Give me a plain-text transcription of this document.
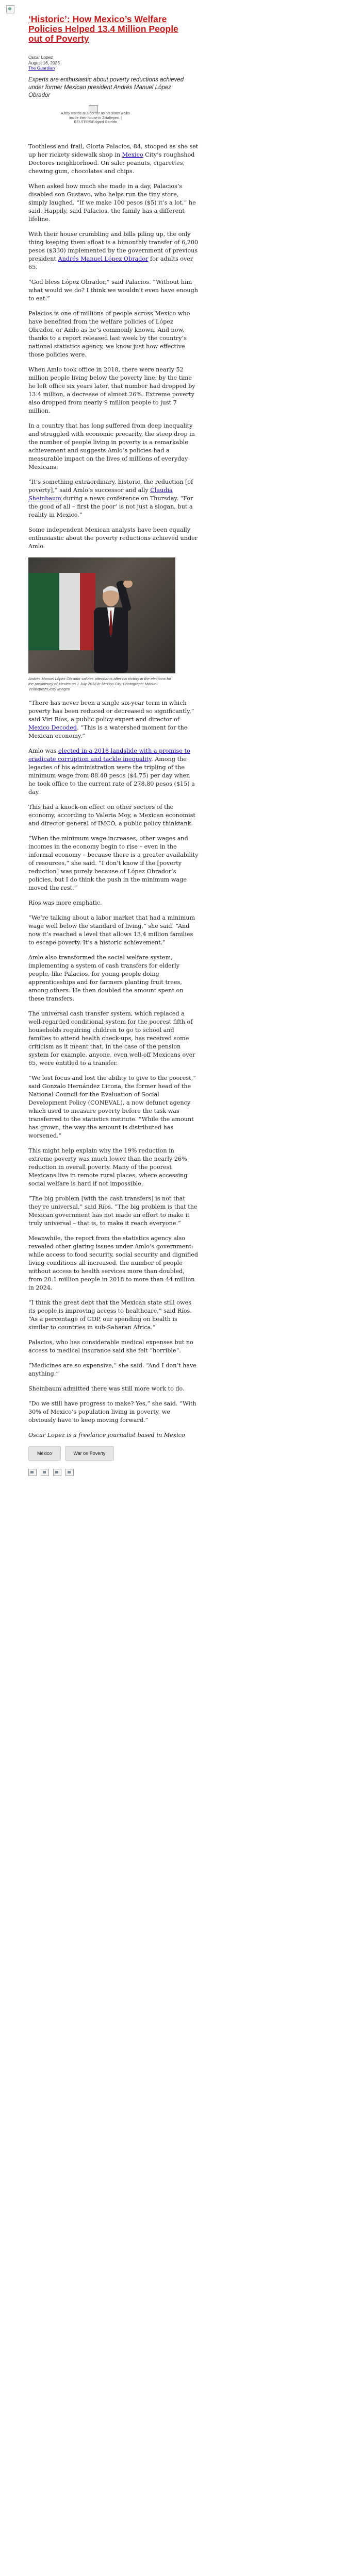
‘Historic’: How Mexico’s Welfare Policies Helped 13.4 Million People out of Poverty
Oscar Lopez
August 16, 2025
The Guardian
Experts are enthusiastic about poverty reductions achieved under former Mexican president Andrés Manuel López Obrador
A boy stands at a corner as his sister walks inside their house in Zitlaltepec. | REUTERS/Edgard Garrido

Toothless and frail, Gloria Palacios, 84, stooped as she set up her rickety sidewalk shop in Mexico City’s roughshod Doctores neighborhood. On sale: peanuts, cigarettes, chewing gum, chocolates and chips.

When asked how much she made in a day, Palacios’s disabled son Gustavo, who helps run the tiny store, simply laughed. “If we make 100 pesos ($5) it’s a lot,” he said. Happily, said Palacios, the family has a different lifeline.

With their house crumbling and bills piling up, the only thing keeping them afloat is a bimonthly transfer of 6,200 pesos ($330) implemented by the government of previous president Andrés Manuel López Obrador for adults over 65.

“God bless López Obrador,” said Palacios. “Without him what would we do? I think we wouldn’t even have enough to eat.”

Palacios is one of millions of people across Mexico who have benefited from the welfare policies of López Obrador, or Amlo as he’s commonly known. And now, thanks to a report released last week by the country’s national statistics agency, we know just how effective those policies were.

When Amlo took office in 2018, there were nearly 52 million people living below the poverty line: by the time he left office six years later, that number had dropped by 13.4 million, a decrease of almost 26%. Extreme poverty also dropped from nearly 9 million people to just 7 million.

In a country that has long suffered from deep inequality and struggled with economic precarity, the steep drop in the number of people living in poverty is a remarkable achievement and suggests Amlo’s policies had a measurable impact on the lives of millions of everyday Mexicans.

“It’s something extraordinary, historic, the reduction [of poverty],” said Amlo’s successor and ally Claudia Sheinbaum during a news conference on Thursday. “For the good of all – first the poor’ is not just a slogan, but a reality in Mexico.”

Some independent Mexican analysts have been equally enthusiastic about the poverty reductions achieved under Amlo.

Andrés Manuel López Obrador salutes attendants after his victory in the elections for the presidency of Mexico on 1 July 2018 in Mexico City. Photograph: Manuel Velasquez/Getty Images

“There has never been a single six-year term in which poverty has been reduced or decreased so significantly,” said Viri Ríos, a public policy expert and director of Mexico Decoded. “This is a watershed moment for the Mexican economy.”

Amlo was elected in a 2018 landslide with a promise to eradicate corruption and tackle inequality. Among the legacies of his administration were the tripling of the minimum wage from 88.40 pesos ($4.75) per day when he took office to the current rate of 278.80 pesos ($15) a day.

This had a knock-on effect on other sectors of the economy, according to Valeria Moy, a Mexican economist and director general of IMCO, a public policy thinktank.

“When the minimum wage increases, other wages and incomes in the economy begin to rise – even in the informal economy – because there is a greater availability of resources,” she said. “I don’t know if the [poverty reduction] was purely because of López Obrador’s policies, but I do think the push in the minimum wage moved the rest.”

Ríos was more emphatic.

“We’re talking about a labor market that had a minimum wage well below the standard of living,” she said. “And now it’s reached a level that allows 13.4 million families to escape poverty. It’s a historic achievement.”

Amlo also transformed the social welfare system, implementing a system of cash transfers for elderly people, like Palacios, for young people doing apprenticeships and for farmers planting fruit trees, among others. He then doubled the amount spent on these transfers.

The universal cash transfer system, which replaced a well-regarded conditional system for the poorest fifth of households requiring children to go to school and families to attend health check-ups, has received some criticism as it meant that, in the case of the pension system for example, anyone, even well-off Mexicans over 65, were entitled to a transfer.

“We lost focus and lost the ability to give to the poorest,” said Gonzalo Hernández Licona, the former head of the National Council for the Evaluation of Social Development Policy (CONEVAL), a now defunct agency which used to measure poverty before the task was transferred to the statistics institute. “While the amount has grown, the way the amount is distributed has worsened.”

This might help explain why the 19% reduction in extreme poverty was much lower than the nearly 26% reduction in overall poverty. Many of the poorest Mexicans live in remote rural places, where accessing social welfare is hard if not impossible.

“The big problem [with the cash transfers] is not that they’re universal,” said Ríos. “The big problem is that the Mexican government has not made an effort to make it truly universal – that is, to make it reach everyone.”

Meanwhile, the report from the statistics agency also revealed other glaring issues under Amlo’s government: while access to food security, social security and dignified living conditions all increased, the number of people without access to health services more than doubled, from 20.1 million people in 2018 to more than 44 million in 2024.

“I think the great debt that the Mexican state still owes its people is improving access to healthcare,” said Ríos. “As a percentage of GDP, our spending on health is similar to countries in sub-Saharan Africa.”

Palacios, who has considerable medical expenses but no access to medical insurance said she felt “horrible”.

“Medicines are so expensive,” she said. “And I don’t have anything.”

Sheinbaum admitted there was still more work to do.

“Do we still have progress to make? Yes,” she said. “With 30% of Mexico’s population living in poverty, we obviously have to keep moving forward.”

Oscar Lopez is a freelance journalist based in Mexico

Mexico	War on Poverty
